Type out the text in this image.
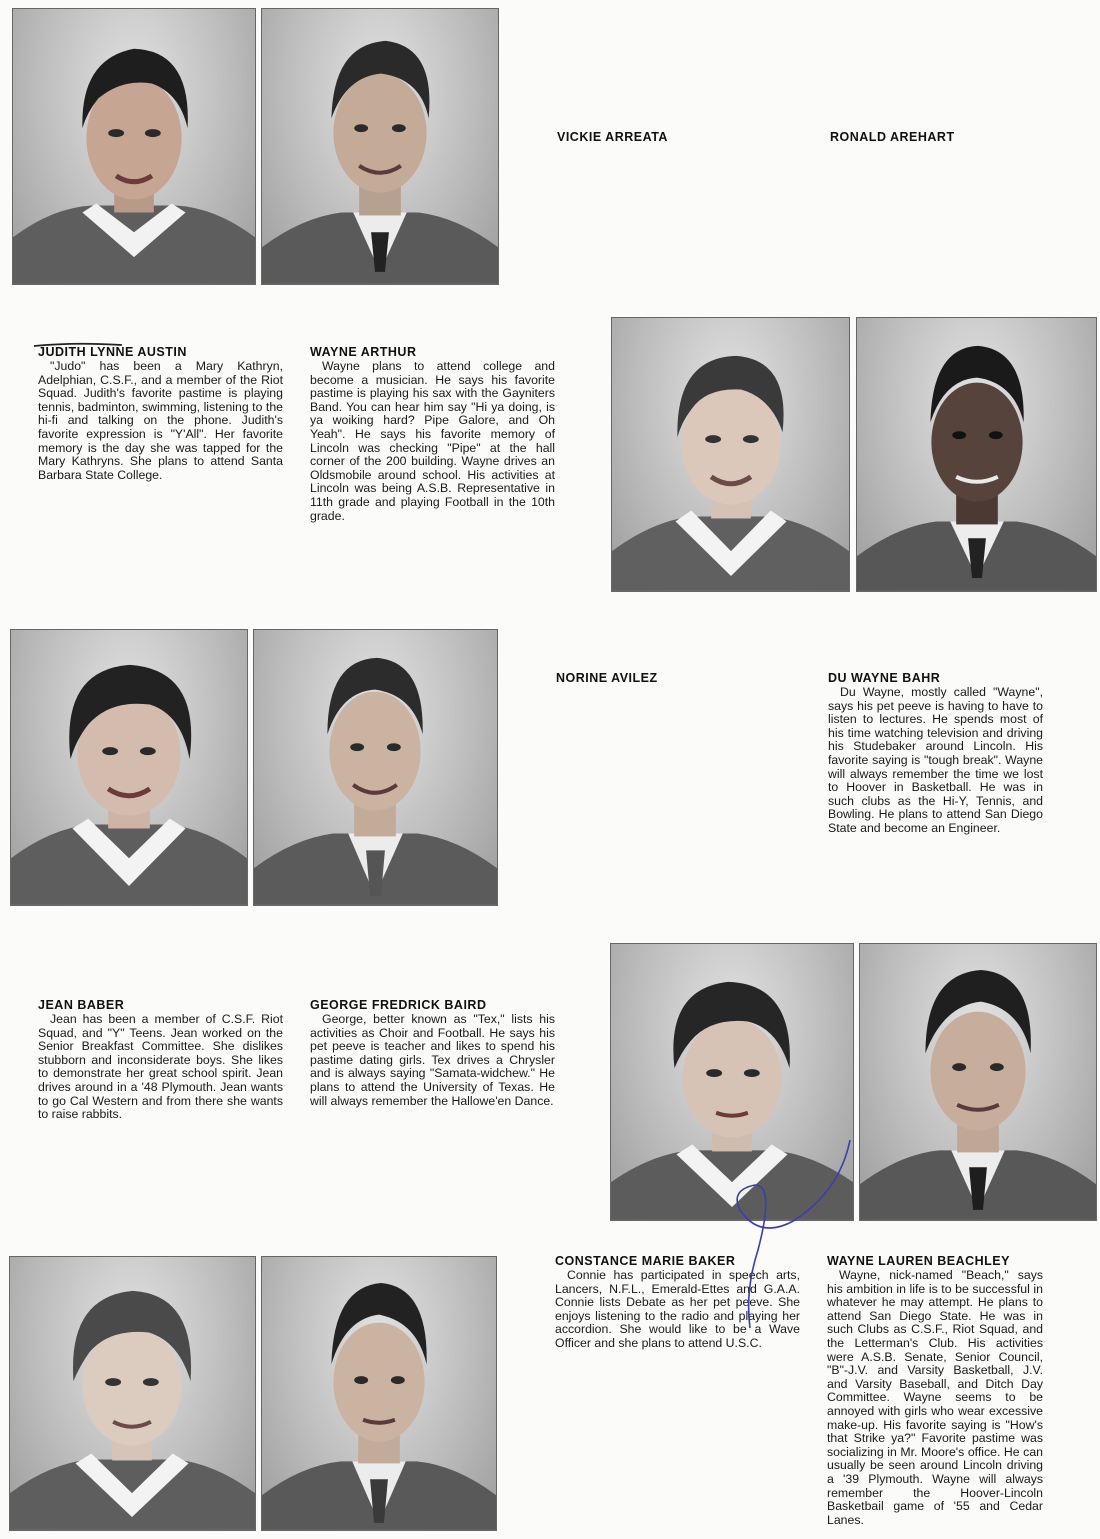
VICKIE ARREATA	RONALD AREHART
JUDITH LYNNE AUSTIN
"Judo" has been a Mary Kathryn, Adelphian, C.S.F., and a member of the Riot Squad. Judith's favorite pastime is playing tennis, badminton, swimming, listening to the hi-fi and talking on the phone. Judith's favorite expression is "Y'All". Her favorite memory is the day she was tapped for the Mary Kathryns. She plans to attend Santa Barbara State College.
WAYNE ARTHUR
Wayne plans to attend college and become a musician. He says his favorite pastime is playing his sax with the Gayniters Band. You can hear him say "Hi ya doing, is ya woiking hard? Pipe Galore, and Oh Yeah". He says his favorite memory of Lincoln was checking "Pipe" at the hall corner of the 200 building. Wayne drives an Oldsmobile around school. His activities at Lincoln was being A.S.B. Representative in 11th grade and playing Football in the 10th grade.
NORINE AVILEZ	DU WAYNE BAHR
Du Wayne, mostly called "Wayne", says his pet peeve is having to have to listen to lectures. He spends most of his time watching television and driving his Studebaker around Lincoln. His favorite saying is "tough break". Wayne will always remember the time we lost to Hoover in Basketball. He was in such clubs as the Hi-Y, Tennis, and Bowling. He plans to attend San Diego State and become an Engineer.
JEAN BABER
Jean has been a member of C.S.F. Riot Squad, and "Y" Teens. Jean worked on the Senior Breakfast Committee. She dislikes stubborn and inconsiderate boys. She likes to demonstrate her great school spirit. Jean drives around in a '48 Plymouth. Jean wants to go Cal Western and from there she wants to raise rabbits.
GEORGE FREDRICK BAIRD
George, better known as "Tex," lists his activities as Choir and Football. He says his pet peeve is teacher and likes to spend his pastime dating girls. Tex drives a Chrysler and is always saying "Samata-widchew." He plans to attend the University of Texas. He will always remember the Hallowe'en Dance.
CONSTANCE MARIE BAKER
Connie has participated in speech arts, Lancers, N.F.L., Emerald-Ettes and G.A.A. Connie lists Debate as her pet peeve. She enjoys listening to the radio and playing her accordion. She would like to be a Wave Officer and she plans to attend U.S.C.
WAYNE LAUREN BEACHLEY
Wayne, nick-named "Beach," says his ambition in life is to be successful in whatever he may attempt. He plans to attend San Diego State. He was in such Clubs as C.S.F., Riot Squad, and the Letterman's Club. His activities were A.S.B. Senate, Senior Council, "B"-J.V. and Varsity Basketball, J.V. and Varsity Baseball, and Ditch Day Committee. Wayne seems to be annoyed with girls who wear excessive make-up. His favorite saying is "How's that Strike ya?" Favorite pastime was socializing in Mr. Moore's office. He can usually be seen around Lincoln driving a '39 Plymouth. Wayne will always remember the Hoover-Lincoln Basketbail game of '55 and Cedar Lanes.
